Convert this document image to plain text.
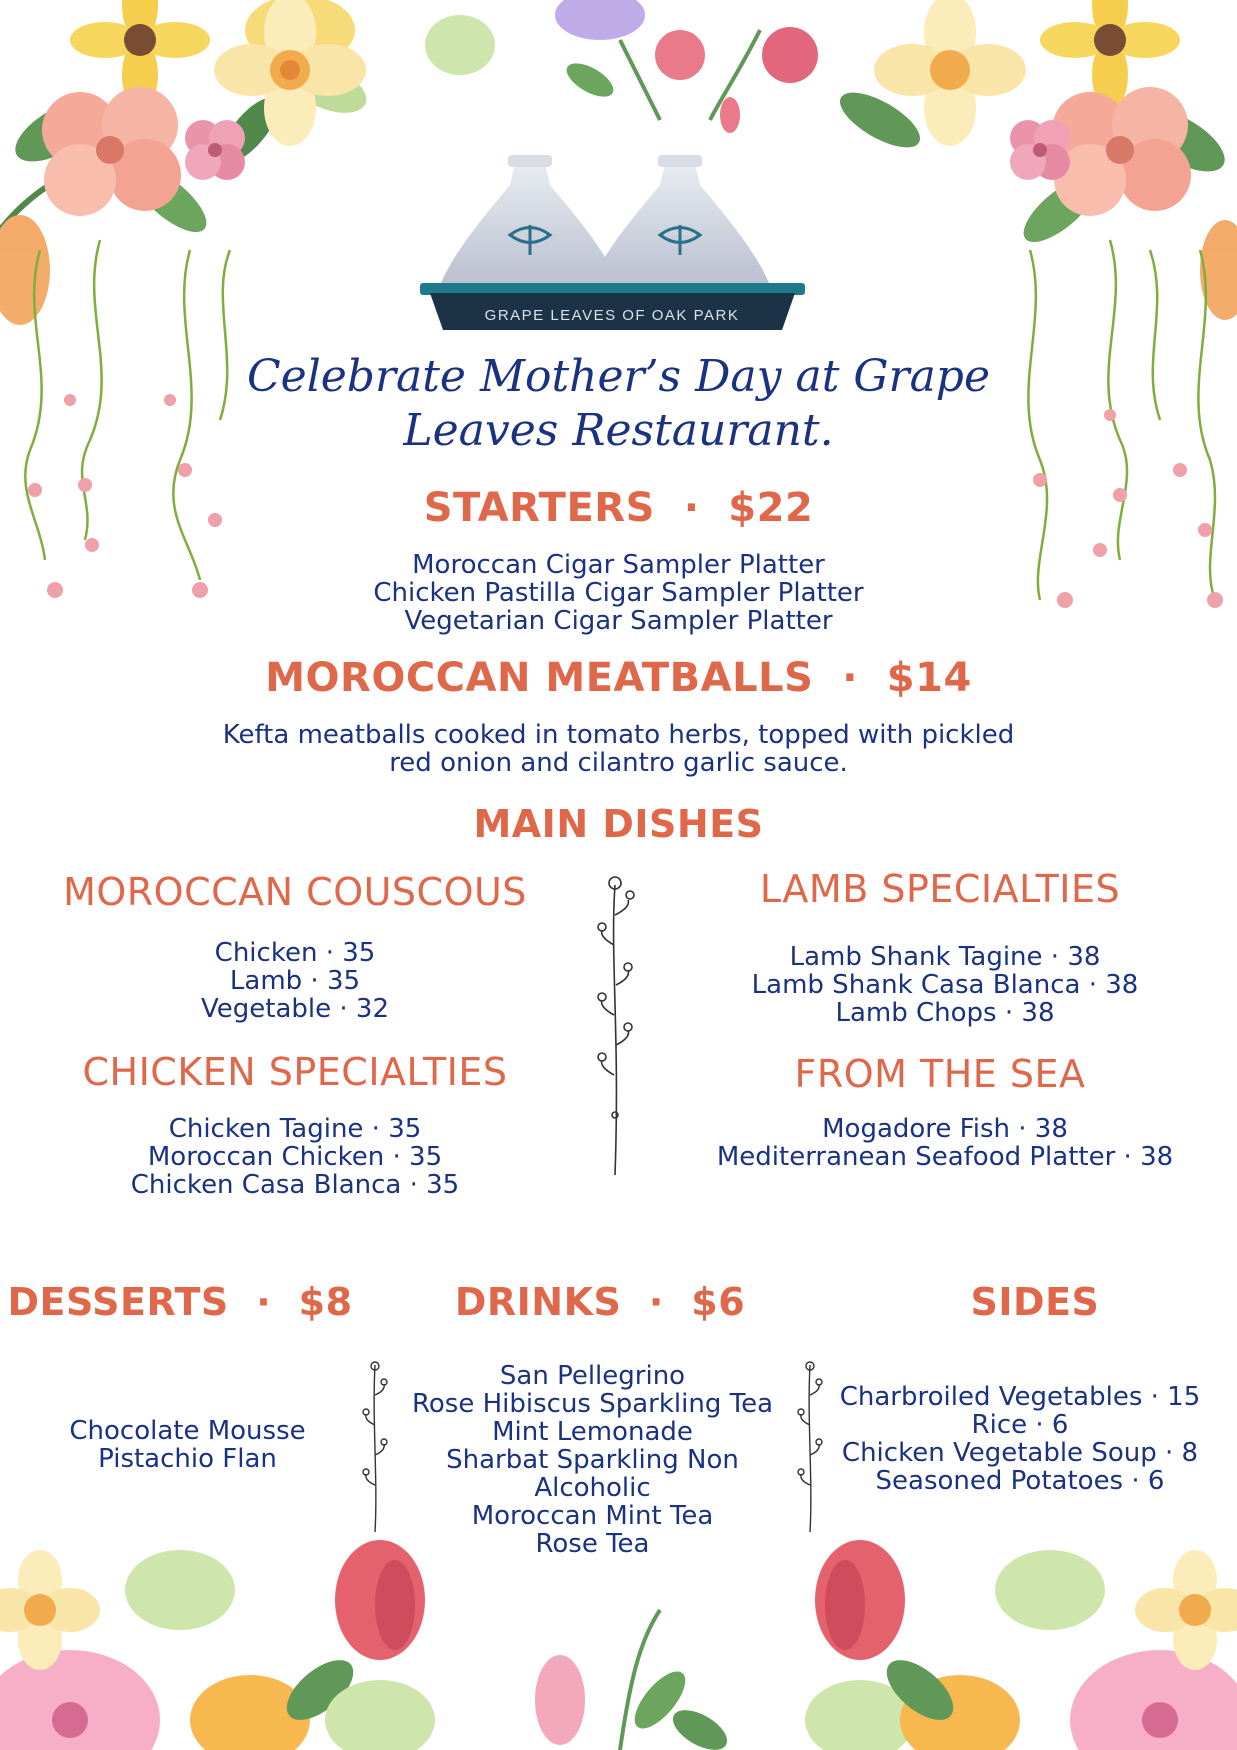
GRAPE LEAVES OF OAK PARK
Celebrate Mother’s Day at Grape
Leaves Restaurant.
STARTERS  ·  $22
Moroccan Cigar Sampler Platter
Chicken Pastilla Cigar Sampler Platter
Vegetarian Cigar Sampler Platter
MOROCCAN MEATBALLS  ·  $14
Kefta meatballs cooked in tomato herbs, topped with pickled
red onion and cilantro garlic sauce.
MAIN DISHES
MOROCCAN COUSCOUS
Chicken · 35
Lamb · 35
Vegetable · 32
CHICKEN SPECIALTIES
Chicken Tagine · 35
Moroccan Chicken · 35
Chicken Casa Blanca · 35
LAMB SPECIALTIES
Lamb Shank Tagine · 38
Lamb Shank Casa Blanca · 38
Lamb Chops · 38
FROM THE SEA
Mogadore Fish · 38
Mediterranean Seafood Platter · 38
DESSERTS  ·  $8
Chocolate Mousse
Pistachio Flan
DRINKS  ·  $6
San Pellegrino
Rose Hibiscus Sparkling Tea
Mint Lemonade
Sharbat Sparkling Non
Alcoholic
Moroccan Mint Tea
Rose Tea
SIDES
Charbroiled Vegetables · 15
Rice · 6
Chicken Vegetable Soup · 8
Seasoned Potatoes · 6
